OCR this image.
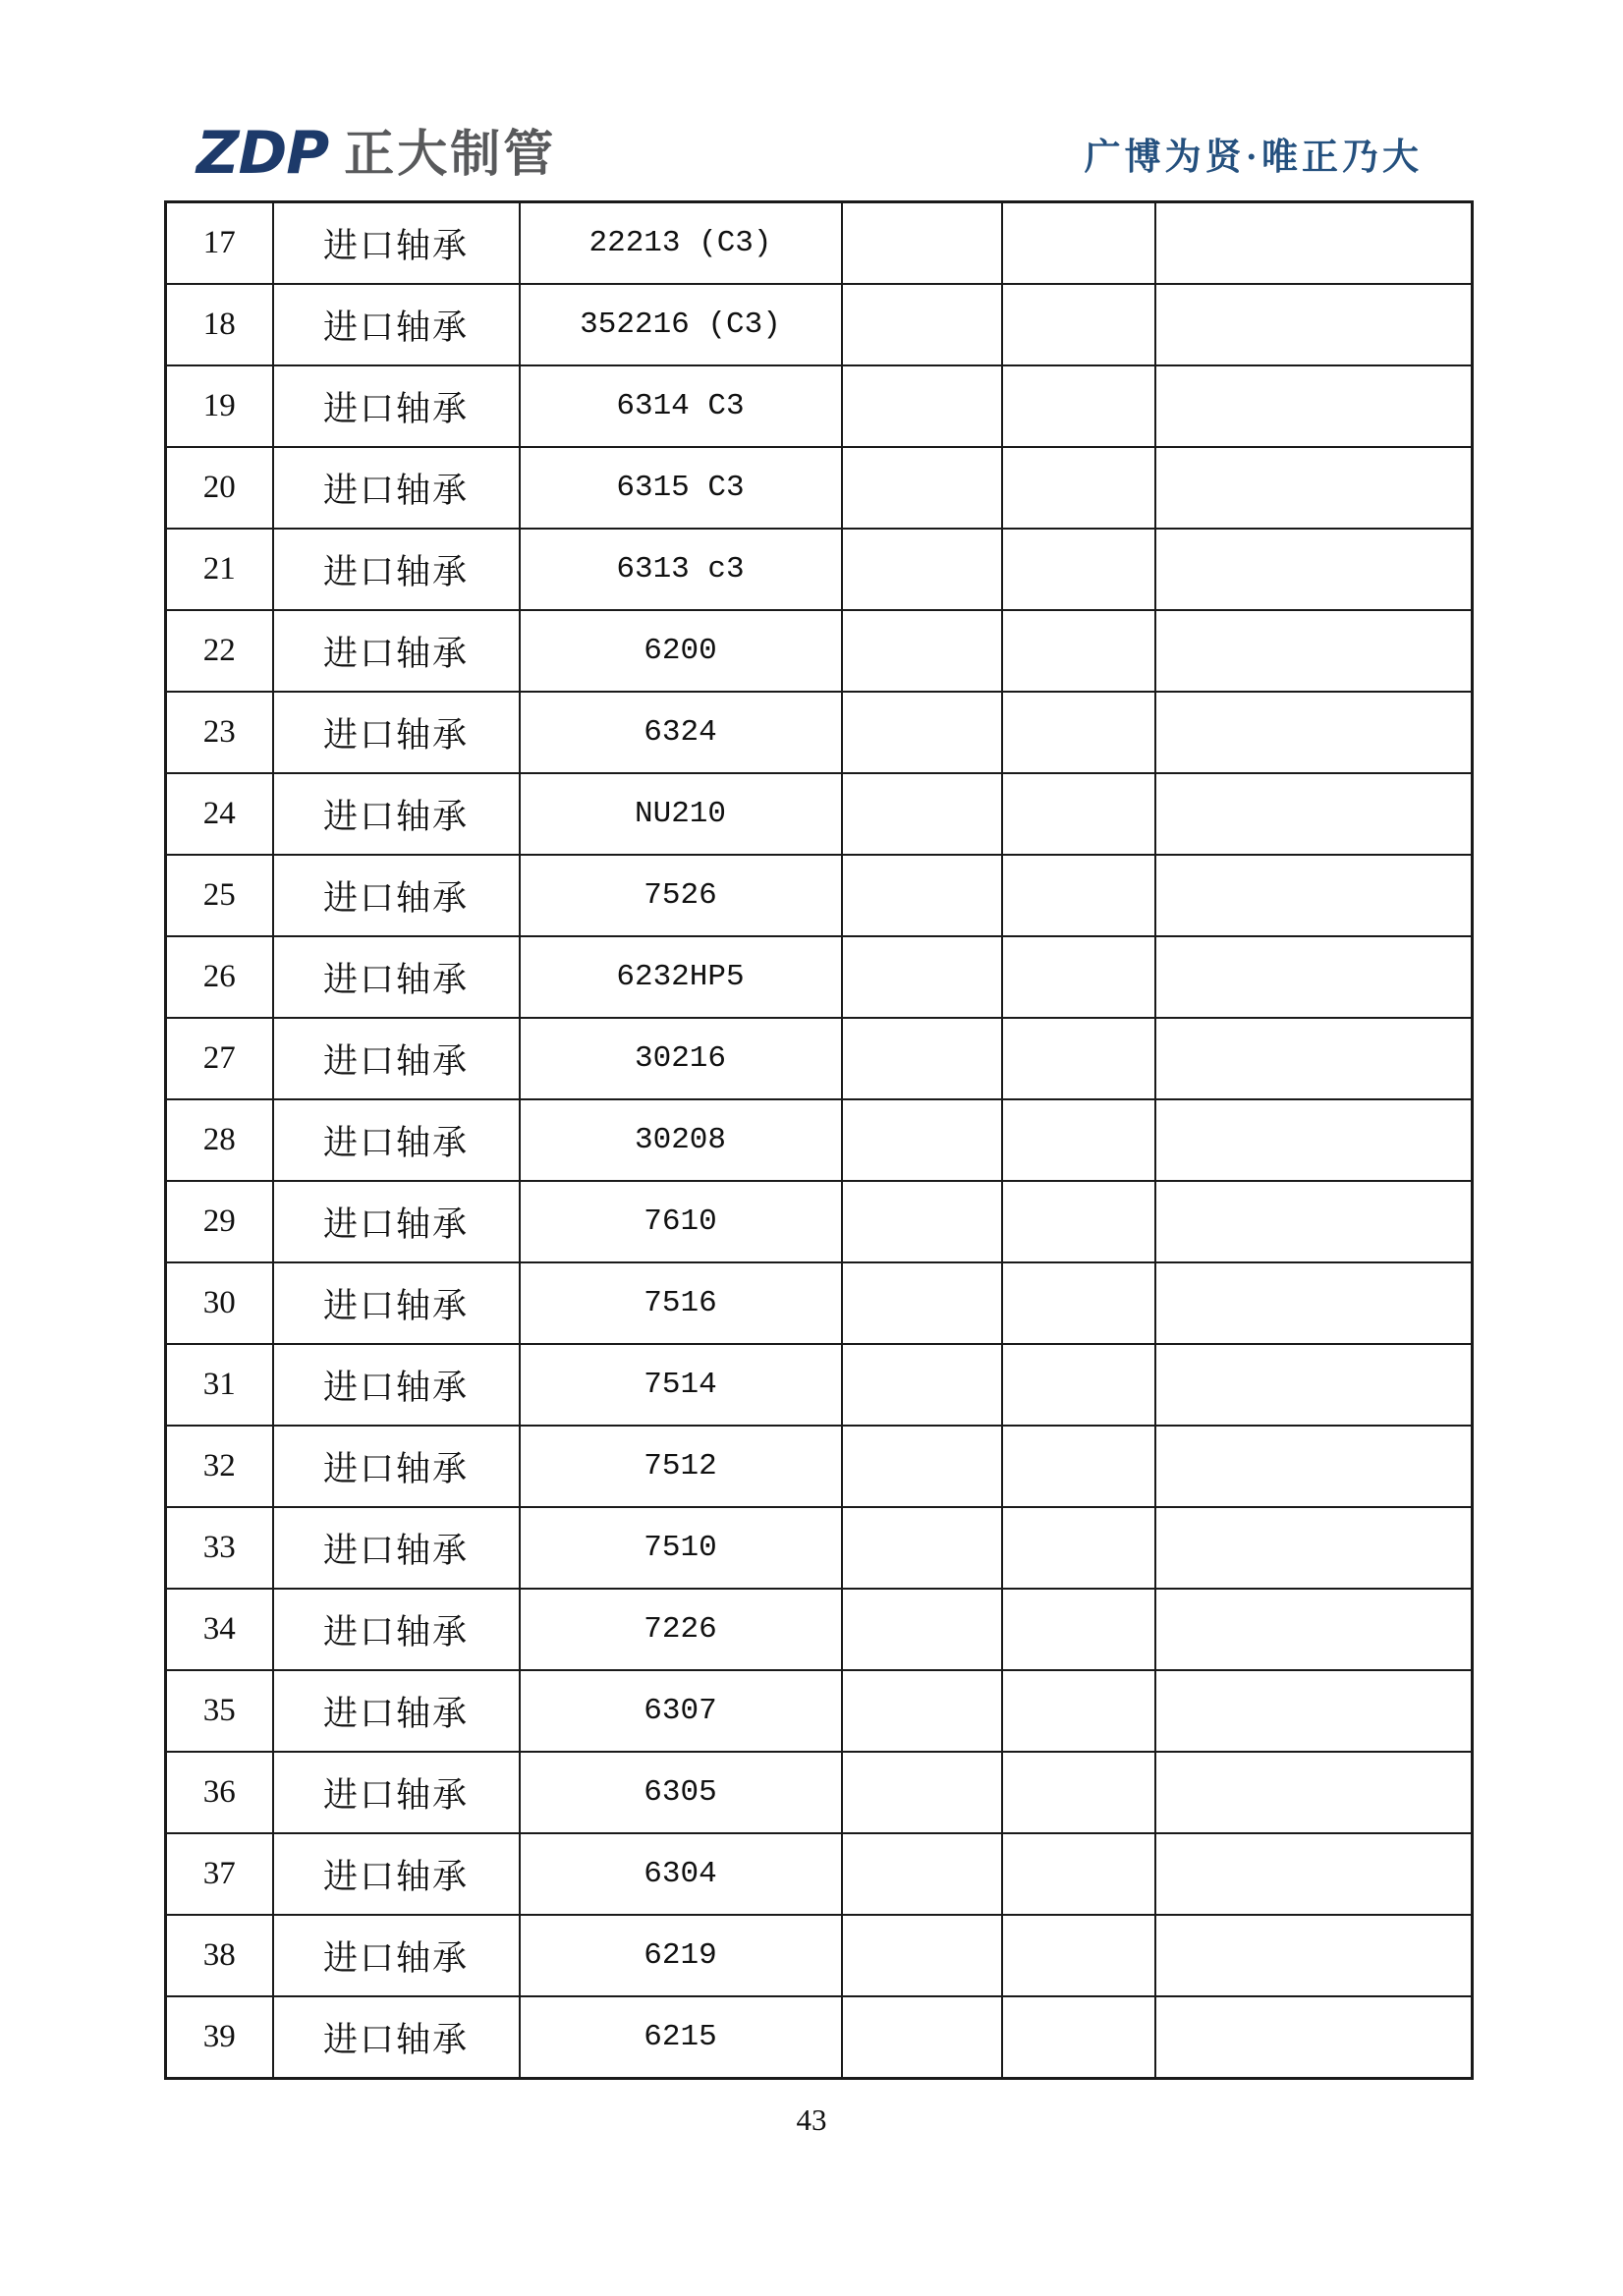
ZDP 正大制管	广博为贤·唯正乃大
17	进口轴承	22213 (C3)			
18	进口轴承	352216 (C3)			
19	进口轴承	6314 C3			
20	进口轴承	6315 C3			
21	进口轴承	6313 c3			
22	进口轴承	6200			
23	进口轴承	6324			
24	进口轴承	NU210			
25	进口轴承	7526			
26	进口轴承	6232HP5			
27	进口轴承	30216			
28	进口轴承	30208			
29	进口轴承	7610			
30	进口轴承	7516			
31	进口轴承	7514			
32	进口轴承	7512			
33	进口轴承	7510			
34	进口轴承	7226			
35	进口轴承	6307			
36	进口轴承	6305			
37	进口轴承	6304			
38	进口轴承	6219			
39	进口轴承	6215			
43
